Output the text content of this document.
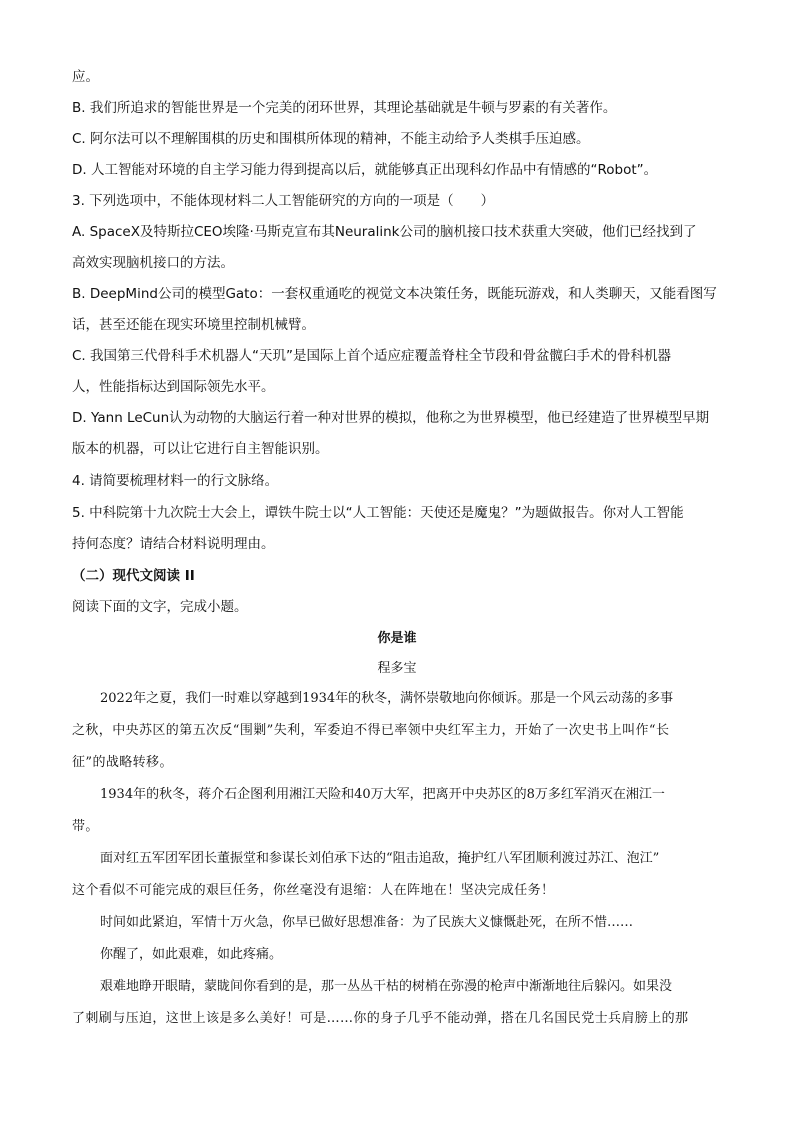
应。
B. 我们所追求的智能世界是一个完美的闭环世界，其理论基础就是牛顿与罗素的有关著作。
C. 阿尔法可以不理解围棋的历史和围棋所体现的精神，不能主动给予人类棋手压迫感。
D. 人工智能对环境的自主学习能力得到提高以后，就能够真正出现科幻作品中有情感的“Robot”。
3. 下列选项中，不能体现材料二人工智能研究的方向的一项是（　　）
A. SpaceX及特斯拉CEO埃隆·马斯克宣布其Neuralink公司的脑机接口技术获重大突破，他们已经找到了
高效实现脑机接口的方法。
B. DeepMind公司的模型Gato：一套权重通吃的视觉文本决策任务，既能玩游戏，和人类聊天，又能看图写
话，甚至还能在现实环境里控制机械臂。
C. 我国第三代骨科手术机器人“天玑”是国际上首个适应症覆盖脊柱全节段和骨盆髋臼手术的骨科机器
人，性能指标达到国际领先水平。
D. Yann LeCun认为动物的大脑运行着一种对世界的模拟，他称之为世界模型，他已经建造了世界模型早期
版本的机器，可以让它进行自主智能识别。
4. 请简要梳理材料一的行文脉络。
5. 中科院第十九次院士大会上，谭铁牛院士以“人工智能：天使还是魔鬼？”为题做报告。你对人工智能
持何态度？请结合材料说明理由。
（二）现代文阅读 II
阅读下面的文字，完成小题。
你是谁
程多宝
2022年之夏，我们一时难以穿越到1934年的秋冬，满怀崇敬地向你倾诉。那是一个风云动荡的多事
之秋，中央苏区的第五次反“围剿”失利，军委迫不得已率领中央红军主力，开始了一次史书上叫作“长
征”的战略转移。
1934年的秋冬，蒋介石企图利用湘江天险和40万大军，把离开中央苏区的8万多红军消灭在湘江一
带。
面对红五军团军团长董振堂和参谋长刘伯承下达的“阻击追敌，掩护红八军团顺利渡过苏江、泡江”
这个看似不可能完成的艰巨任务，你丝毫没有退缩：人在阵地在！坚决完成任务！
时间如此紧迫，军情十万火急，你早已做好思想准备：为了民族大义慷慨赴死，在所不惜……
你醒了，如此艰难，如此疼痛。
艰难地睁开眼睛，蒙眬间你看到的是，那一丛丛干枯的树梢在弥漫的枪声中渐渐地往后躲闪。如果没
了刺刷与压迫，这世上该是多么美好！可是……你的身子几乎不能动弹，搭在几名国民党士兵肩膀上的那
